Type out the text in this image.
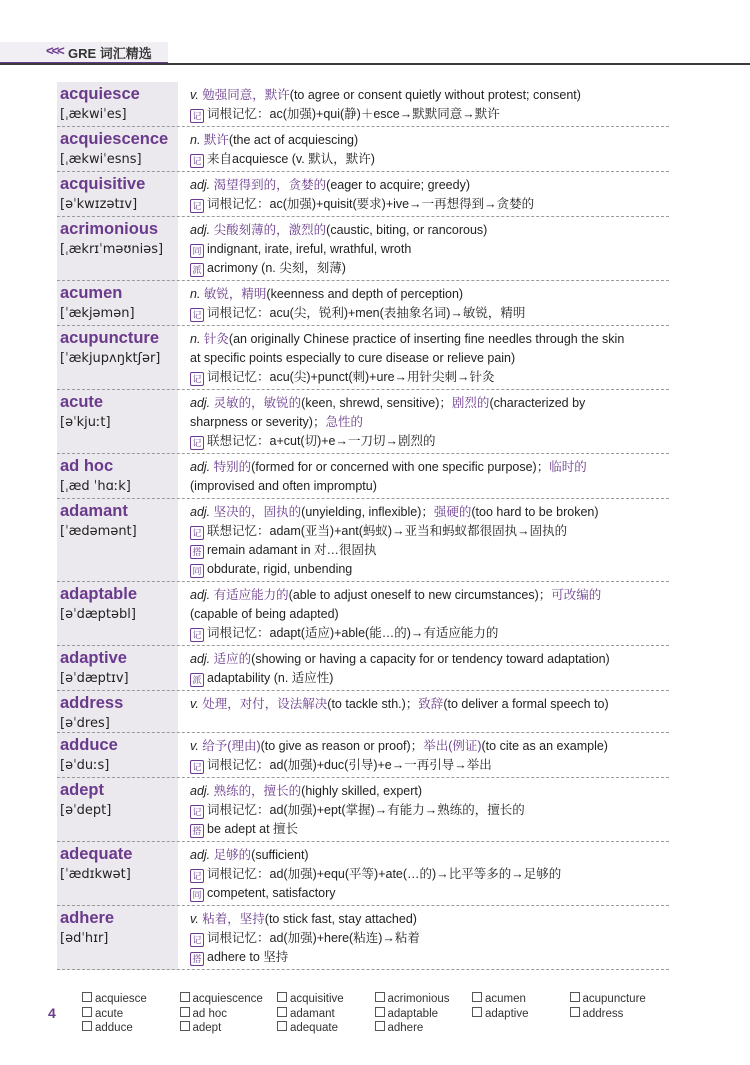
<<< GRE 词汇精选
acquiesce
[ˌækwiˈes]
v. 勉强同意，默许(to agree or consent quietly without protest; consent)
记 词根记忆：ac(加强)+qui(静)＋esce→默默同意→默许
acquiescence
[ˌækwiˈesns]
n. 默许(the act of acquiescing)
记 来自acquiesce (v. 默认，默许)
acquisitive
[əˈkwɪzətɪv]
adj. 渴望得到的，贪婪的(eager to acquire; greedy)
记 词根记忆：ac(加强)+quisit(要求)+ive→一再想得到→贪婪的
acrimonious
[ˌækrɪˈməʊniəs]
adj. 尖酸刻薄的，激烈的(caustic, biting, or rancorous)
同 indignant, irate, ireful, wrathful, wroth
派 acrimony (n. 尖刻，刻薄)
acumen
[ˈækjəmən]
n. 敏锐，精明(keenness and depth of perception)
记 词根记忆：acu(尖，锐利)+men(表抽象名词)→敏锐，精明
acupuncture
[ˈækjupʌŋktʃər]
n. 针灸(an originally Chinese practice of inserting fine needles through the skin
at specific points especially to cure disease or relieve pain)
记 词根记忆：acu(尖)+punct(刺)+ure→用针尖刺→针灸
acute
[əˈkjuːt]
adj. 灵敏的，敏锐的(keen, shrewd, sensitive)；剧烈的(characterized by
sharpness or severity)；急性的
记 联想记忆：a+cut(切)+e→一刀切→剧烈的
ad hoc
[ˌæd ˈhɑːk]
adj. 特别的(formed for or concerned with one specific purpose)；临时的
(improvised and often impromptu)
adamant
[ˈædəmənt]
adj. 坚决的，固执的(unyielding, inflexible)；强硬的(too hard to be broken)
记 联想记忆：adam(亚当)+ant(蚂蚁)→亚当和蚂蚁都很固执→固执的
搭 remain adamant in 对…很固执
同 obdurate, rigid, unbending
adaptable
[əˈdæptəbl]
adj. 有适应能力的(able to adjust oneself to new circumstances)；可改编的
(capable of being adapted)
记 词根记忆：adapt(适应)+able(能…的)→有适应能力的
adaptive
[əˈdæptɪv]
adj. 适应的(showing or having a capacity for or tendency toward adaptation)
派 adaptability (n. 适应性)
address
[əˈdres]
v. 处理，对付，设法解决(to tackle sth.)；致辞(to deliver a formal speech to)
adduce
[əˈduːs]
v. 给予(理由)(to give as reason or proof)；举出(例证)(to cite as an example)
记 词根记忆：ad(加强)+duc(引导)+e→一再引导→举出
adept
[əˈdept]
adj. 熟练的，擅长的(highly skilled, expert)
记 词根记忆：ad(加强)+ept(掌握)→有能力→熟练的，擅长的
搭 be adept at 擅长
adequate
[ˈædɪkwət]
adj. 足够的(sufficient)
记 词根记忆：ad(加强)+equ(平等)+ate(…的)→比平等多的→足够的
同 competent, satisfactory
adhere
[ədˈhɪr]
v. 粘着，坚持(to stick fast, stay attached)
记 词根记忆：ad(加强)+here(粘连)→粘着
搭 adhere to 坚持
4
acquiesce	acquiescence	acquisitive	acrimonious	acumen	acupuncture
acute	ad hoc	adamant	adaptable	adaptive	address
adduce	adept	adequate	adhere
